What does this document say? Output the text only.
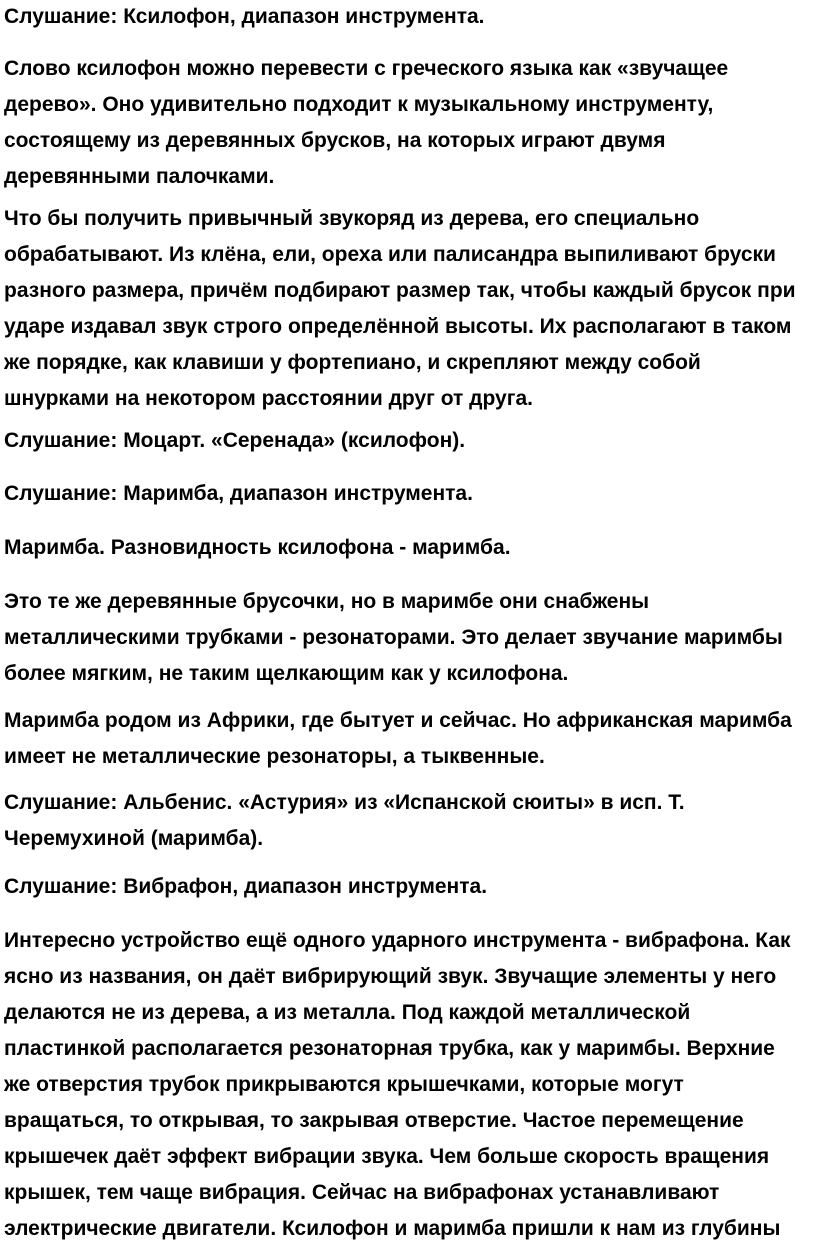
Слушание: Ксилофон, диапазон инструмента.

Слово ксилофон можно перевести с греческого языка как «звучащее
дерево». Оно удивительно подходит к музыкальному инструменту,
состоящему из деревянных брусков, на которых играют двумя
деревянными палочками.

Что бы получить привычный звукоряд из дерева, его специально
обрабатывают. Из клёна, ели, ореха или палисандра выпиливают бруски
разного размера, причём подбирают размер так, чтобы каждый брусок при
ударе издавал звук строго определённой высоты. Их располагают в таком
же порядке, как клавиши у фортепиано, и скрепляют между собой
шнурками на некотором расстоянии друг от друга.

Слушание: Моцарт. «Серенада» (ксилофон).

Слушание: Маримба, диапазон инструмента.

Маримба. Разновидность ксилофона - маримба.

Это те же деревянные брусочки, но в маримбе они снабжены
металлическими трубками - резонаторами. Это делает звучание маримбы
более мягким, не таким щелкающим как у ксилофона.

Маримба родом из Африки, где бытует и сейчас. Но африканская маримба
имеет не металлические резонаторы, а тыквенные.

Слушание: Альбенис. «Астурия» из «Испанской сюиты» в исп. Т.
Черемухиной (маримба).

Слушание: Вибрафон, диапазон инструмента.

Интересно устройство ещё одного ударного инструмента - вибрафона. Как
ясно из названия, он даёт вибрирующий звук. Звучащие элементы у него
делаются не из дерева, а из металла. Под каждой металлической
пластинкой располагается резонаторная трубка, как у маримбы. Верхние
же отверстия трубок прикрываются крышечками, которые могут
вращаться, то открывая, то закрывая отверстие. Частое перемещение
крышечек даёт эффект вибрации звука. Чем больше скорость вращения
крышек, тем чаще вибрация. Сейчас на вибрафонах устанавливают
электрические двигатели. Ксилофон и маримба пришли к нам из глубины
